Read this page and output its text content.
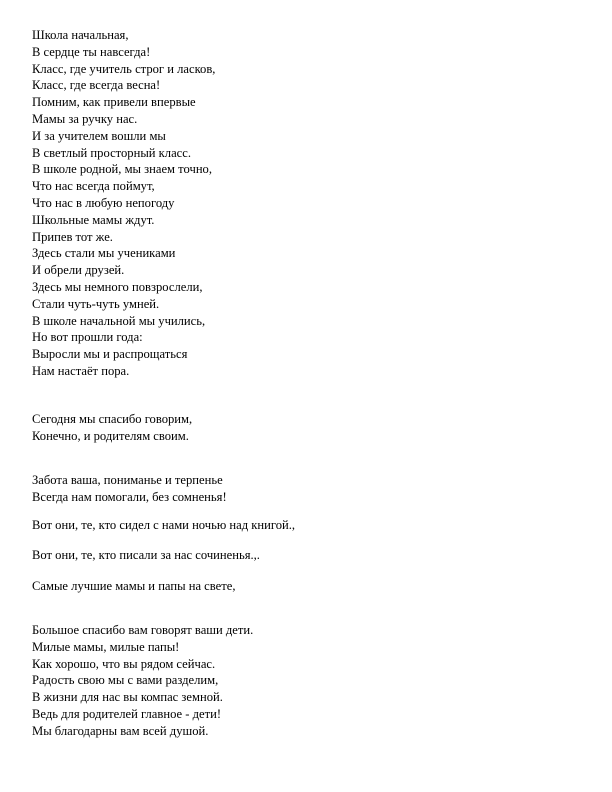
Школа начальная,
В сердце ты навсегда!
Класс, где учитель строг и ласков,
Класс, где всегда весна!
Помним, как привели впервые
Мамы за ручку нас.
И за учителем вошли мы
В светлый просторный класс.
В школе родной, мы знаем точно,
Что нас всегда поймут,
Что нас в любую непогоду
Школьные мамы ждут.
Припев тот же.
Здесь стали мы учениками
И обрели друзей.
Здесь мы немного повзрослели,
Стали чуть-чуть умней.
В школе начальной мы учились,
Но вот прошли года:
Выросли мы и распрощаться
Нам настаёт пора.
Сегодня мы спасибо говорим,
Конечно, и родителям своим.
Забота ваша, пониманье и терпенье
Всегда нам помогали, без сомненья!
Вот они, те, кто сидел с нами ночью над книгой.,
Вот они, те, кто писали за нас сочиненья.,.
Самые лучшие мамы и папы на свете,
Большое спасибо вам говорят ваши дети.
Милые мамы, милые папы!
Как хорошо, что вы рядом сейчас.
Радость свою мы с вами разделим,
В жизни для нас вы компас земной.
Ведь для родителей главное - дети!
Мы благодарны вам всей душой.
